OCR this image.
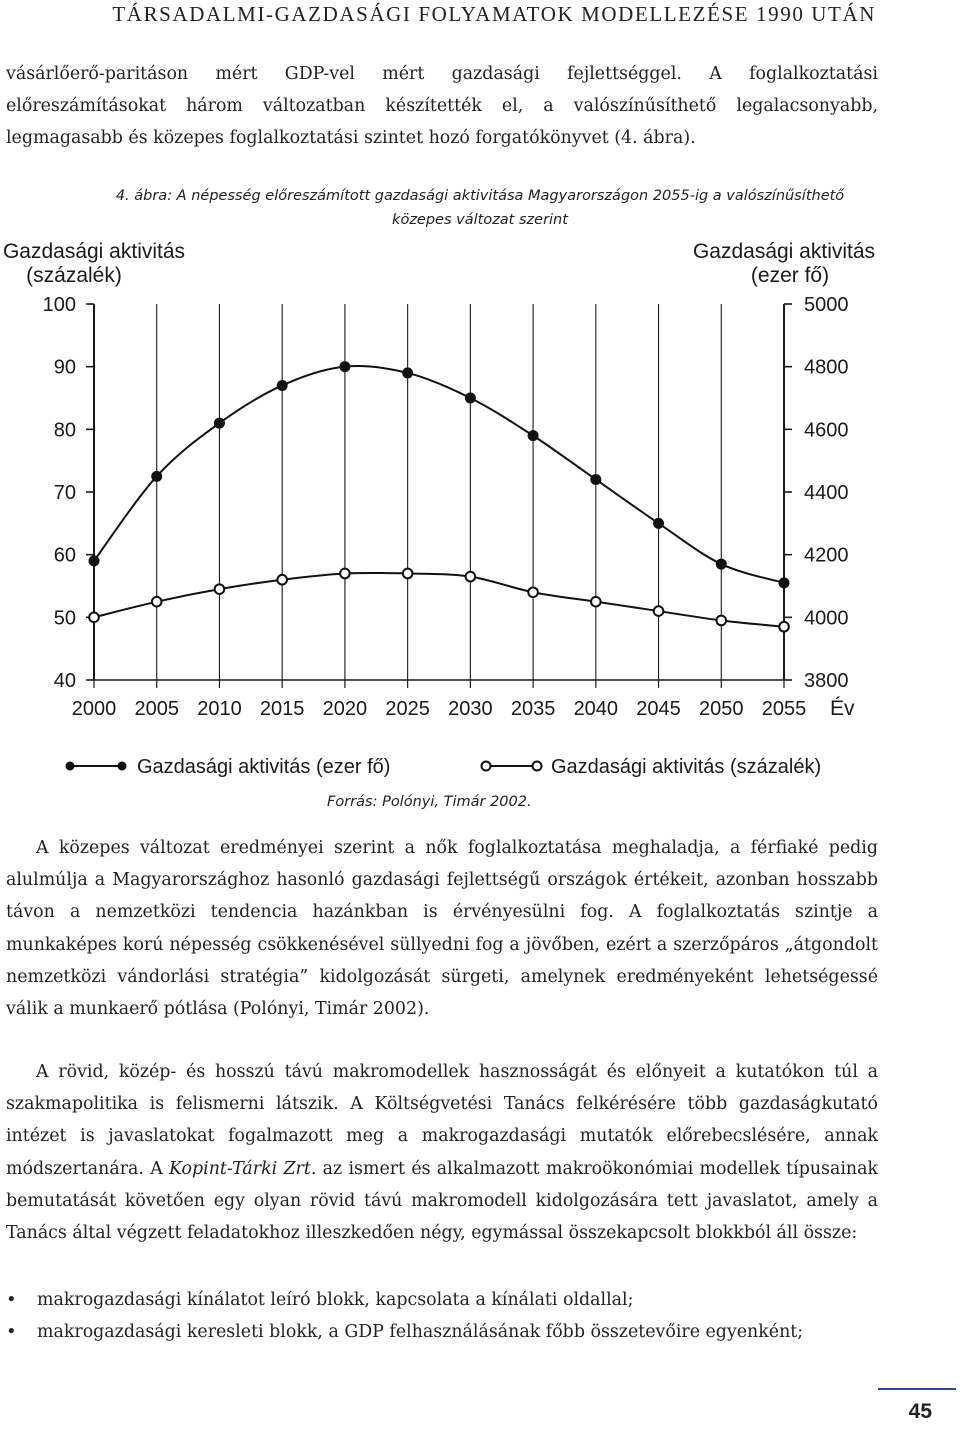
TÁRSADALMI-GAZDASÁGI FOLYAMATOK MODELLEZÉSE 1990 UTÁN

vásárlőerő-paritáson mért GDP-vel mért gazdasági fejlettséggel. A foglalkoztatási előreszámításokat három változatban készítették el, a valószínűsíthető legalacsonyabb, legmagasabb és közepes foglalkoztatási szintet hozó forgatókönyvet (4. ábra).

4. ábra: A népesség előreszámított gazdasági aktivitása Magyarországon 2055-ig a valószínűsíthető
közepes változat szerint
Gazdasági aktivitás
(százalék)
Gazdasági aktivitás
(ezer fő)
2000 2005 2010 2015 2020 2025 2030 2035 2040 2045 2050 2055
40
50
60
70
80
90
100
3800
4000
4200
4400
4600
4800
5000
Év
Gazdasági aktivitás (ezer fő)	Gazdasági aktivitás (százalék)

Forrás: Polónyi, Timár 2002.

A közepes változat eredményei szerint a nők foglalkoztatása meghaladja, a férfiaké pedig alulmúlja a Magyarországhoz hasonló gazdasági fejlettségű országok értékeit, azonban hosszabb távon a nemzetközi tendencia hazánkban is érvényesülni fog. A foglalkoztatás szintje a munkaképes korú népesség csökkenésével süllyedni fog a jövőben, ezért a szerzőpáros „átgondolt nemzetközi vándorlási stratégia” kidolgozását sürgeti, amelynek eredményeként lehetségessé válik a munkaerő pótlása (Polónyi, Timár 2002).

A rövid, közép- és hosszú távú makromodellek hasznosságát és előnyeit a kutatókon túl a szakmapolitika is felismerni látszik. A Költségvetési Tanács felkérésére több gazdaságkutató intézet is javaslatokat fogalmazott meg a makrogazdasági mutatók előrebecslésére, annak módszertanára. A Kopint-Tárki Zrt. az ismert és alkalmazott makroökonómiai modellek típusainak bemutatását követően egy olyan rövid távú makromodell kidolgozására tett javaslatot, amely a Tanács által végzett feladatokhoz illeszkedően négy, egymással összekapcsolt blokkból áll össze:

• makrogazdasági kínálatot leíró blokk, kapcsolata a kínálati oldallal;
• makrogazdasági keresleti blokk, a GDP felhasználásának főbb összetevőire egyenként;
45
